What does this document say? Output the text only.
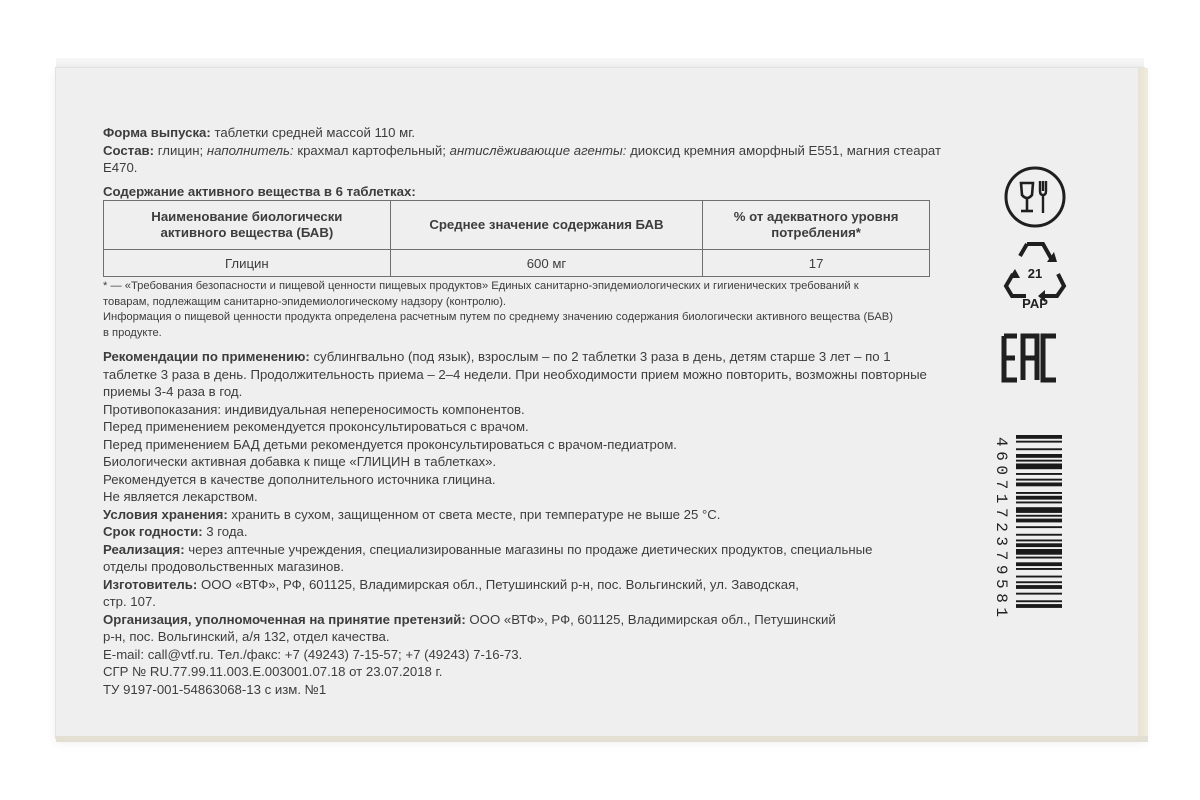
Форма выпуска: таблетки средней массой 110 мг.

Состав: глицин; наполнитель: крахмал картофельный; антислёживающие агенты: диоксид кремния аморфный Е551, магния стеарат Е470.

Содержание активного вещества в 6 таблетках:

Наименование биологически активного вещества (БАВ)	Среднее значение содержания БАВ	% от адекватного уровня потребления*
Глицин	600 мг	17

* — «Требования безопасности и пищевой ценности пищевых продуктов» Единых санитарно-эпидемиологических и гигиенических требований к товарам, подлежащим санитарно-эпидемиологическому надзору (контролю).

Информация о пищевой ценности продукта определена расчетным путем по среднему значению содержания биологически активного вещества (БАВ) в продукте.

Рекомендации по применению: сублингвально (под язык), взрослым – по 2 таблетки 3 раза в день, детям старше 3 лет – по 1 таблетке 3 раза в день. Продолжительность приема – 2–4 недели. При необходимости прием можно повторить, возможны повторные приемы 3-4 раза в год.

Противопоказания: индивидуальная непереносимость компонентов.

Перед применением рекомендуется проконсультироваться с врачом.

Перед применением БАД детьми рекомендуется проконсультироваться с врачом-педиатром.

Биологически активная добавка к пище «ГЛИЦИН в таблетках».

Рекомендуется в качестве дополнительного источника глицина.

Не является лекарством.

Условия хранения: хранить в сухом, защищенном от света месте, при температуре не выше 25 °С.

Срок годности: 3 года.

Реализация: через аптечные учреждения, специализированные магазины по продаже диетических продуктов, специальные отделы продовольственных магазинов.

Изготовитель: ООО «ВТФ», РФ, 601125, Владимирская обл., Петушинский р-н, пос. Вольгинский, ул. Заводская, стр. 107.

Организация, уполномоченная на принятие претензий: ООО «ВТФ», РФ, 601125, Владимирская обл., Петушинский р-н, пос. Вольгинский, а/я 132, отдел качества.

E-mail: call@vtf.ru. Тел./факс: +7 (49243) 7-15-57; +7 (49243) 7-16-73.

СГР № RU.77.99.11.003.Е.003001.07.18 от 23.07.2018 г.

ТУ 9197-001-54863068-13 с изм. №1

21
PAP
4607172379581
